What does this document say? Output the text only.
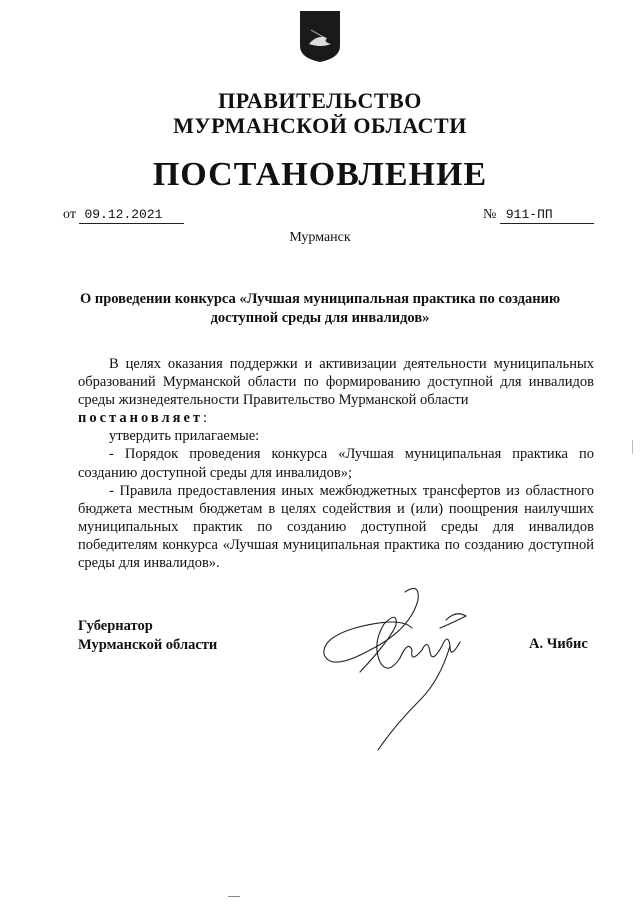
ПРАВИТЕЛЬСТВО
МУРМАНСКОЙ ОБЛАСТИ
ПОСТАНОВЛЕНИЕ
от 09.12.2021	№ 911-ПП
Мурманск
О проведении конкурса «Лучшая муниципальная практика по созданию
доступной среды для инвалидов»

В целях оказания поддержки и активизации деятельности муниципальных образований Мурманской области по формированию доступной для инвалидов среды жизнедеятельности Правительство Мурманской области

постановляет:

утвердить прилагаемые:

- Порядок проведения конкурса «Лучшая муниципальная практика по созданию доступной среды для инвалидов»;

- Правила предоставления иных межбюджетных трансфертов из областного бюджета местным бюджетам в целях содействия и (или) поощрения наилучших муниципальных практик по созданию доступной среды для инвалидов победителям конкурса «Лучшая муниципальная практика по созданию доступной среды для инвалидов».

Губернатор
Мурманской области	А. Чибис
